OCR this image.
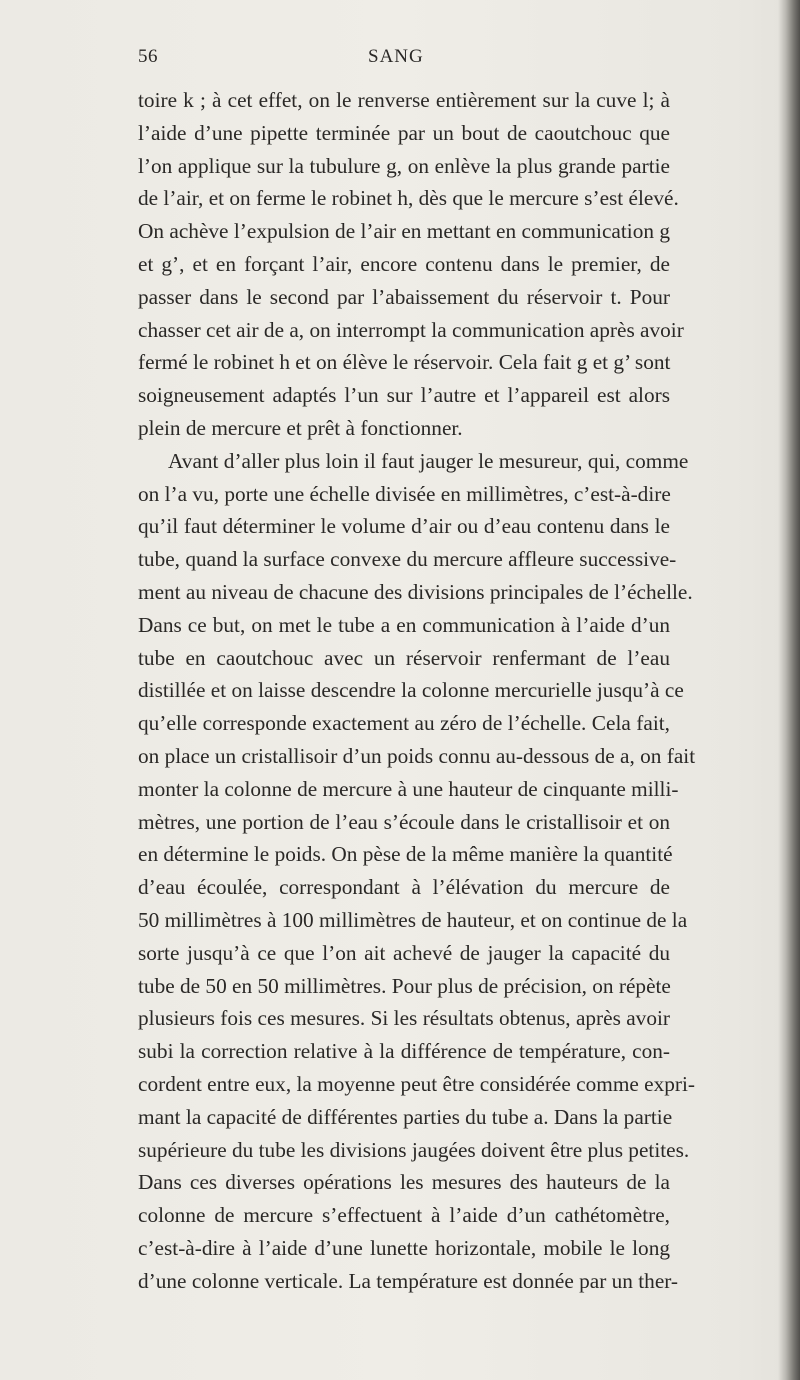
56	SANG
toire k ; à cet effet, on le renverse entièrement sur la cuve l; à
l’aide d’une pipette terminée par un bout de caoutchouc que
l’on applique sur la tubulure g, on enlève la plus grande partie
de l’air, et on ferme le robinet h, dès que le mercure s’est élevé.
On achève l’expulsion de l’air en mettant en communication g
et g’, et en forçant l’air, encore contenu dans le premier, de
passer dans le second par l’abaissement du réservoir t. Pour
chasser cet air de a, on interrompt la communication après avoir
fermé le robinet h et on élève le réservoir. Cela fait g et g’ sont
soigneusement adaptés l’un sur l’autre et l’appareil est alors
plein de mercure et prêt à fonctionner.
Avant d’aller plus loin il faut jauger le mesureur, qui, comme
on l’a vu, porte une échelle divisée en millimètres, c’est-à-dire
qu’il faut déterminer le volume d’air ou d’eau contenu dans le
tube, quand la surface convexe du mercure affleure successive-
ment au niveau de chacune des divisions principales de l’échelle.
Dans ce but, on met le tube a en communication à l’aide d’un
tube en caoutchouc avec un réservoir renfermant de l’eau
distillée et on laisse descendre la colonne mercurielle jusqu’à ce
qu’elle corresponde exactement au zéro de l’échelle. Cela fait,
on place un cristallisoir d’un poids connu au-dessous de a, on fait
monter la colonne de mercure à une hauteur de cinquante milli-
mètres, une portion de l’eau s’écoule dans le cristallisoir et on
en détermine le poids. On pèse de la même manière la quantité
d’eau écoulée, correspondant à l’élévation du mercure de
50 millimètres à 100 millimètres de hauteur, et on continue de la
sorte jusqu’à ce que l’on ait achevé de jauger la capacité du
tube de 50 en 50 millimètres. Pour plus de précision, on répète
plusieurs fois ces mesures. Si les résultats obtenus, après avoir
subi la correction relative à la différence de température, con-
cordent entre eux, la moyenne peut être considérée comme expri-
mant la capacité de différentes parties du tube a. Dans la partie
supérieure du tube les divisions jaugées doivent être plus petites.
Dans ces diverses opérations les mesures des hauteurs de la
colonne de mercure s’effectuent à l’aide d’un cathétomètre,
c’est-à-dire à l’aide d’une lunette horizontale, mobile le long
d’une colonne verticale. La température est donnée par un ther-
